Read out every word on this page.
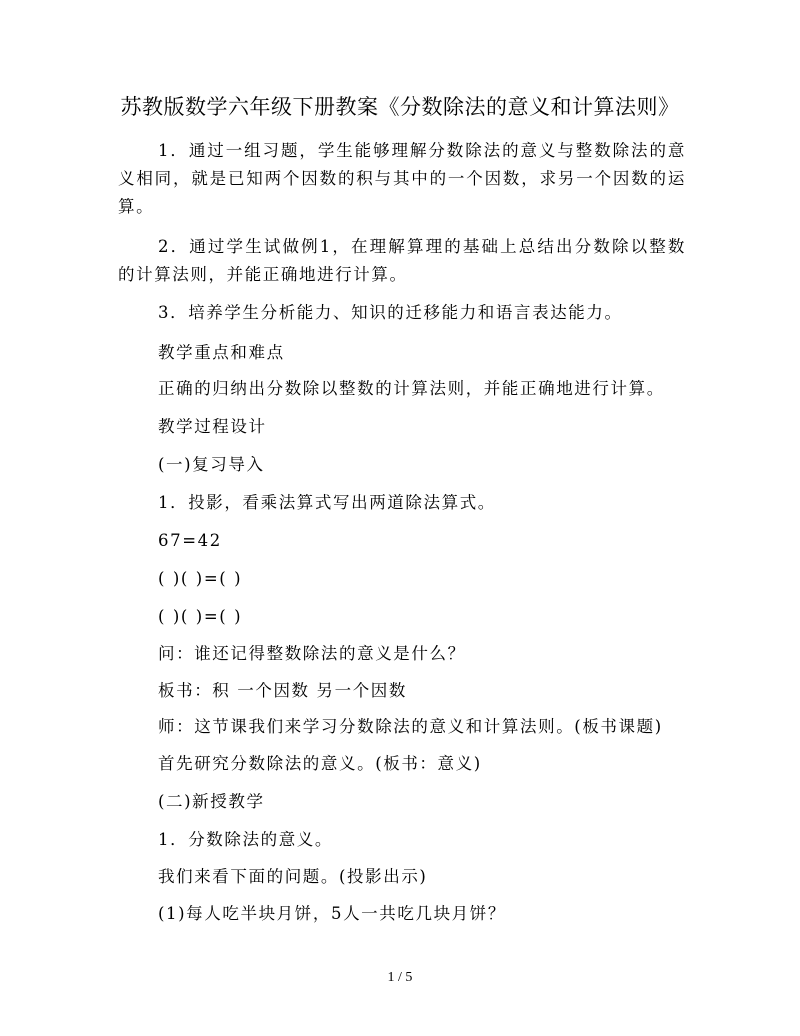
苏教版数学六年级下册教案《分数除法的意义和计算法则》
1．通过一组习题，学生能够理解分数除法的意义与整数除法的意义相同，就是已知两个因数的积与其中的一个因数，求另一个因数的运算。
2．通过学生试做例1，在理解算理的基础上总结出分数除以整数的计算法则，并能正确地进行计算。
3．培养学生分析能力、知识的迁移能力和语言表达能力。
教学重点和难点
正确的归纳出分数除以整数的计算法则，并能正确地进行计算。
教学过程设计
(一)复习导入
1．投影，看乘法算式写出两道除法算式。
67=42
( )( )=( )
( )( )=( )
问：谁还记得整数除法的意义是什么？
板书：积 一个因数 另一个因数
师：这节课我们来学习分数除法的意义和计算法则。(板书课题)
首先研究分数除法的意义。(板书：意义)
(二)新授教学
1．分数除法的意义。
我们来看下面的问题。(投影出示)
(1)每人吃半块月饼，5人一共吃几块月饼？
1 / 5
